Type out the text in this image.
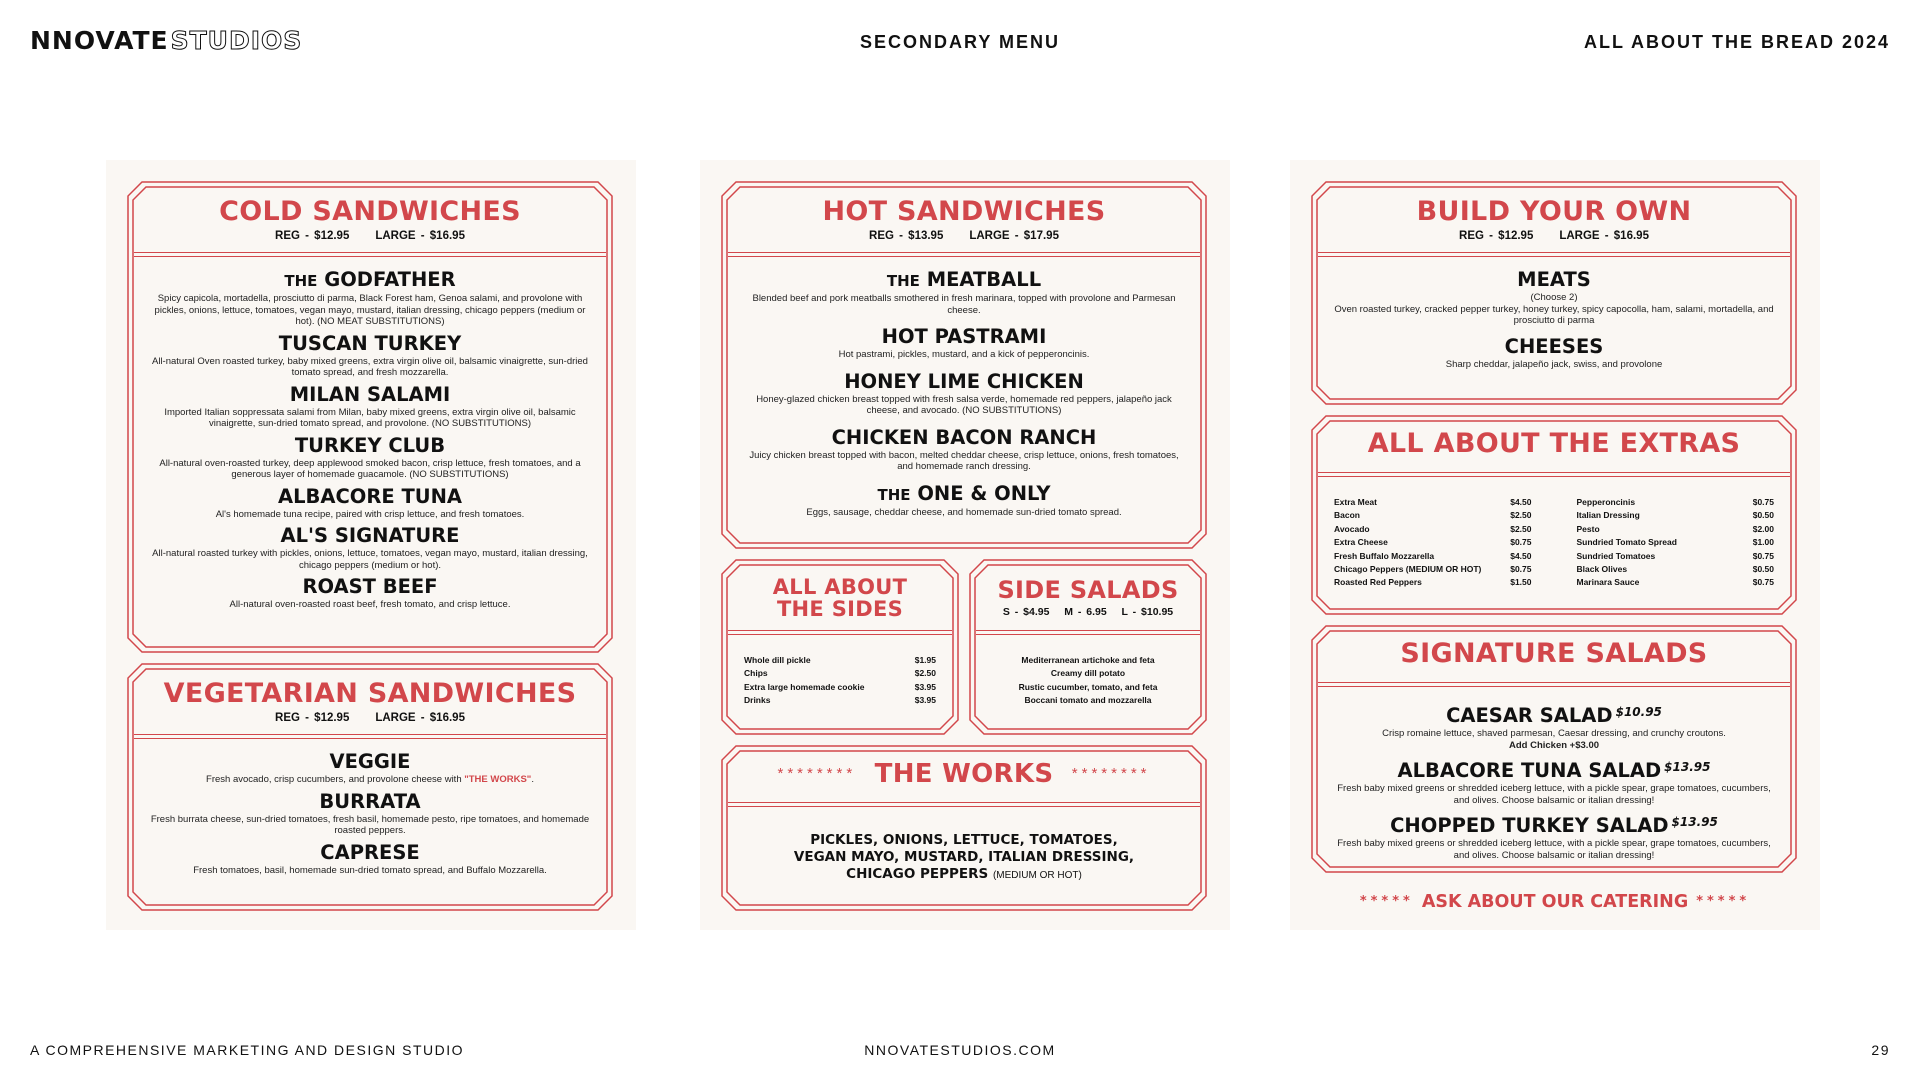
NNOVATESTUDIOS	SECONDARY MENU	ALL ABOUT THE BREAD 2024
COLD SANDWICHES
REG - $12.95     LARGE - $16.95
THE GODFATHER
Spicy capicola, mortadella, prosciutto di parma, Black Forest ham, Genoa salami, and provolone with pickles, onions, lettuce, tomatoes, vegan mayo, mustard, italian dressing, chicago peppers (medium or hot). (NO MEAT SUBSTITUTIONS)
TUSCAN TURKEY
All-natural Oven roasted turkey, baby mixed greens, extra virgin olive oil, balsamic vinaigrette, sun-dried tomato spread, and fresh mozzarella.
MILAN SALAMI
Imported Italian soppressata salami from Milan, baby mixed greens, extra virgin olive oil, balsamic vinaigrette, sun-dried tomato spread, and provolone. (NO SUBSTITUTIONS)
TURKEY CLUB
All-natural oven-roasted turkey, deep applewood smoked bacon, crisp lettuce, fresh tomatoes, and a generous layer of homemade guacamole. (NO SUBSTITUTIONS)
ALBACORE TUNA
Al's homemade tuna recipe, paired with crisp lettuce, and fresh tomatoes.
AL'S SIGNATURE
All-natural roasted turkey with pickles, onions, lettuce, tomatoes, vegan mayo, mustard, italian dressing, chicago peppers (medium or hot).
ROAST BEEF
All-natural oven-roasted roast beef, fresh tomato, and crisp lettuce.
VEGETARIAN SANDWICHES
REG - $12.95     LARGE - $16.95
VEGGIE
Fresh avocado, crisp cucumbers, and provolone cheese with "THE WORKS".
BURRATA
Fresh burrata cheese, sun-dried tomatoes, fresh basil, homemade pesto, ripe tomatoes, and homemade roasted peppers.
CAPRESE
Fresh tomatoes, basil, homemade sun-dried tomato spread, and Buffalo Mozzarella.
HOT SANDWICHES
REG - $13.95     LARGE - $17.95
THE MEATBALL
Blended beef and pork meatballs smothered in fresh marinara, topped with provolone and Parmesan cheese.
HOT PASTRAMI
Hot pastrami, pickles, mustard, and a kick of pepperoncinis.
HONEY LIME CHICKEN
Honey-glazed chicken breast topped with fresh salsa verde, homemade red peppers, jalapeño jack cheese, and avocado. (NO SUBSTITUTIONS)
CHICKEN BACON RANCH
Juicy chicken breast topped with bacon, melted cheddar cheese, crisp lettuce, onions, fresh tomatoes, and homemade ranch dressing.
THE ONE & ONLY
Eggs, sausage, cheddar cheese, and homemade sun-dried tomato spread.
ALL ABOUT
THE SIDES
Whole dill pickle	$1.95
Chips	$2.50
Extra large homemade cookie	$3.95
Drinks	$3.95
SIDE SALADS
S - $4.95   M - 6.95   L - $10.95
Mediterranean artichoke and feta
Creamy dill potato
Rustic cucumber, tomato, and feta
Boccani tomato and mozzarella
******** THE WORKS ********
PICKLES, ONIONS, LETTUCE, TOMATOES,
VEGAN MAYO, MUSTARD, ITALIAN DRESSING,
CHICAGO PEPPERS (MEDIUM OR HOT)
BUILD YOUR OWN
REG - $12.95     LARGE - $16.95
MEATS
(Choose 2)
Oven roasted turkey, cracked pepper turkey, honey turkey, spicy capocolla, ham, salami, mortadella, and prosciutto di parma
CHEESES
Sharp cheddar, jalapeño jack, swiss, and provolone
ALL ABOUT THE EXTRAS
Extra Meat	$4.50	Pepperoncinis	$0.75
Bacon	$2.50	Italian Dressing	$0.50
Avocado	$2.50	Pesto	$2.00
Extra Cheese	$0.75	Sundried Tomato Spread	$1.00
Fresh Buffalo Mozzarella	$4.50	Sundried Tomatoes	$0.75
Chicago Peppers (MEDIUM OR HOT)	$0.75	Black Olives	$0.50
Roasted Red Peppers	$1.50	Marinara Sauce	$0.75
SIGNATURE SALADS
CAESAR SALAD $^{\$10.95}$
Crisp romaine lettuce, shaved parmesan, Caesar dressing, and crunchy croutons.
Add Chicken +$3.00
ALBACORE TUNA SALAD $^{\$13.95}$
Fresh baby mixed greens or shredded iceberg lettuce, with a pickle spear, grape tomatoes, cucumbers, and olives. Choose balsamic or italian dressing!
CHOPPED TURKEY SALAD $^{\$13.95}$
Fresh baby mixed greens or shredded iceberg lettuce, with a pickle spear, grape tomatoes, cucumbers, and olives. Choose balsamic or italian dressing!
***** ASK ABOUT OUR CATERING *****
A COMPREHENSIVE MARKETING AND DESIGN STUDIO	NNOVATESTUDIOS.COM	29
